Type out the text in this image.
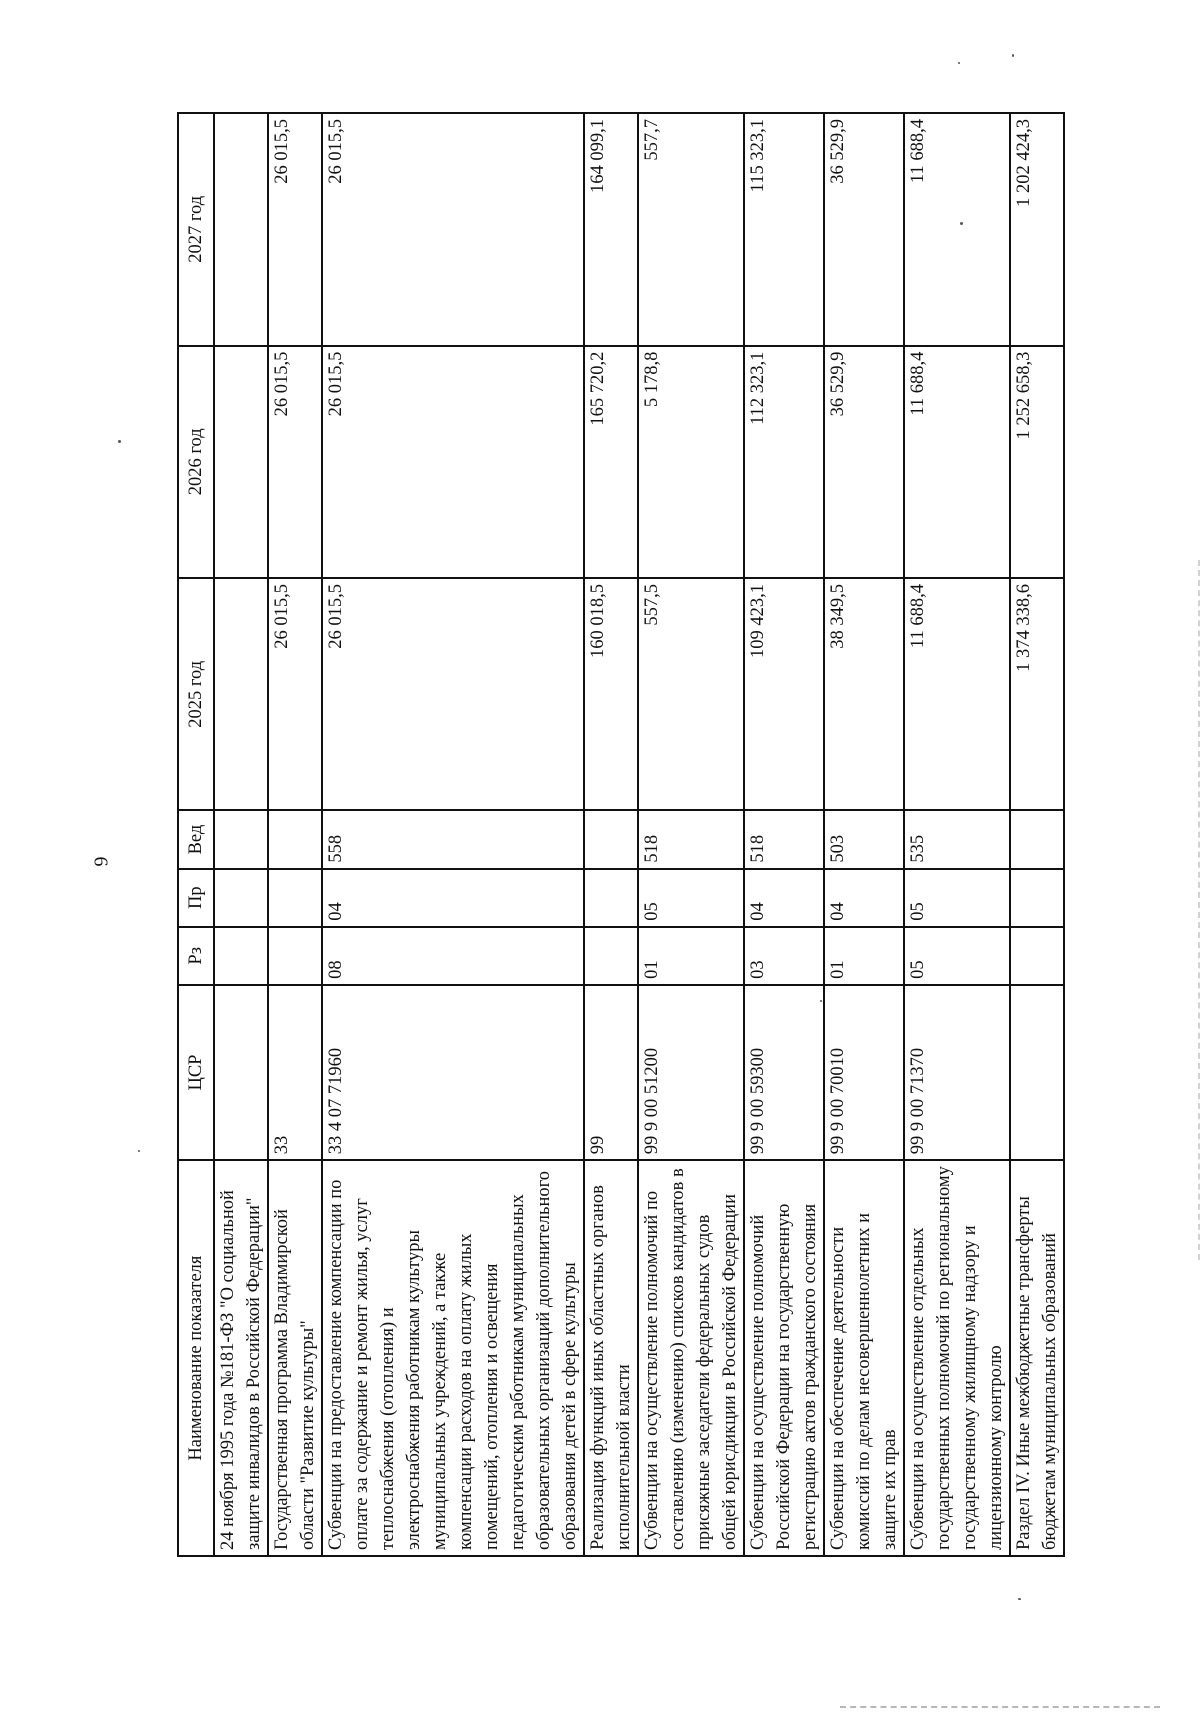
6
Наименование показателя	ЦСР	Рз	Пр	Вед	2025 год	2026 год	2027 год
24 ноября 1995 года №181-ФЗ "О социальной защите инвалидов в Российской Федерации"							
Государственная программа Владимирской области "Развитие культуры"	33				26 015,5	26 015,5	26 015,5
Субвенции на предоставление компенсации по оплате за содержание и ремонт жилья, услуг теплоснабжения (отопления) и электроснабжения работникам культуры муниципальных учреждений, а также компенсации расходов на оплату жилых помещений, отопления и освещения педагогическим работникам муниципальных образовательных организаций дополнительного образования детей в сфере культуры	33 4 07 71960	08	04	558	26 015,5	26 015,5	26 015,5
Реализация функций иных областных органов исполнительной власти	99				160 018,5	165 720,2	164 099,1
Субвенции на осуществление полномочий по составлению (изменению) списков кандидатов в присяжные заседатели федеральных судов общей юрисдикции в Российской Федерации	99 9 00 51200	01	05	518	557,5	5 178,8	557,7
Субвенции на осуществление полномочий Российской Федерации на государственную регистрацию актов гражданского состояния	99 9 00 59300	03	04	518	109 423,1	112 323,1	115 323,1
Субвенции на обеспечение деятельности комиссий по делам несовершеннолетних и защите их прав	99 9 00 70010	01	04	503	38 349,5	36 529,9	36 529,9
Субвенции на осуществление отдельных государственных полномочий по региональному государственному жилищному надзору и лицензионному контролю	99 9 00 71370	05	05	535	11 688,4	11 688,4	11 688,4
Раздел IV. Иные межбюджетные трансферты бюджетам муниципальных образований					1 374 338,6	1 252 658,3	1 202 424,3
